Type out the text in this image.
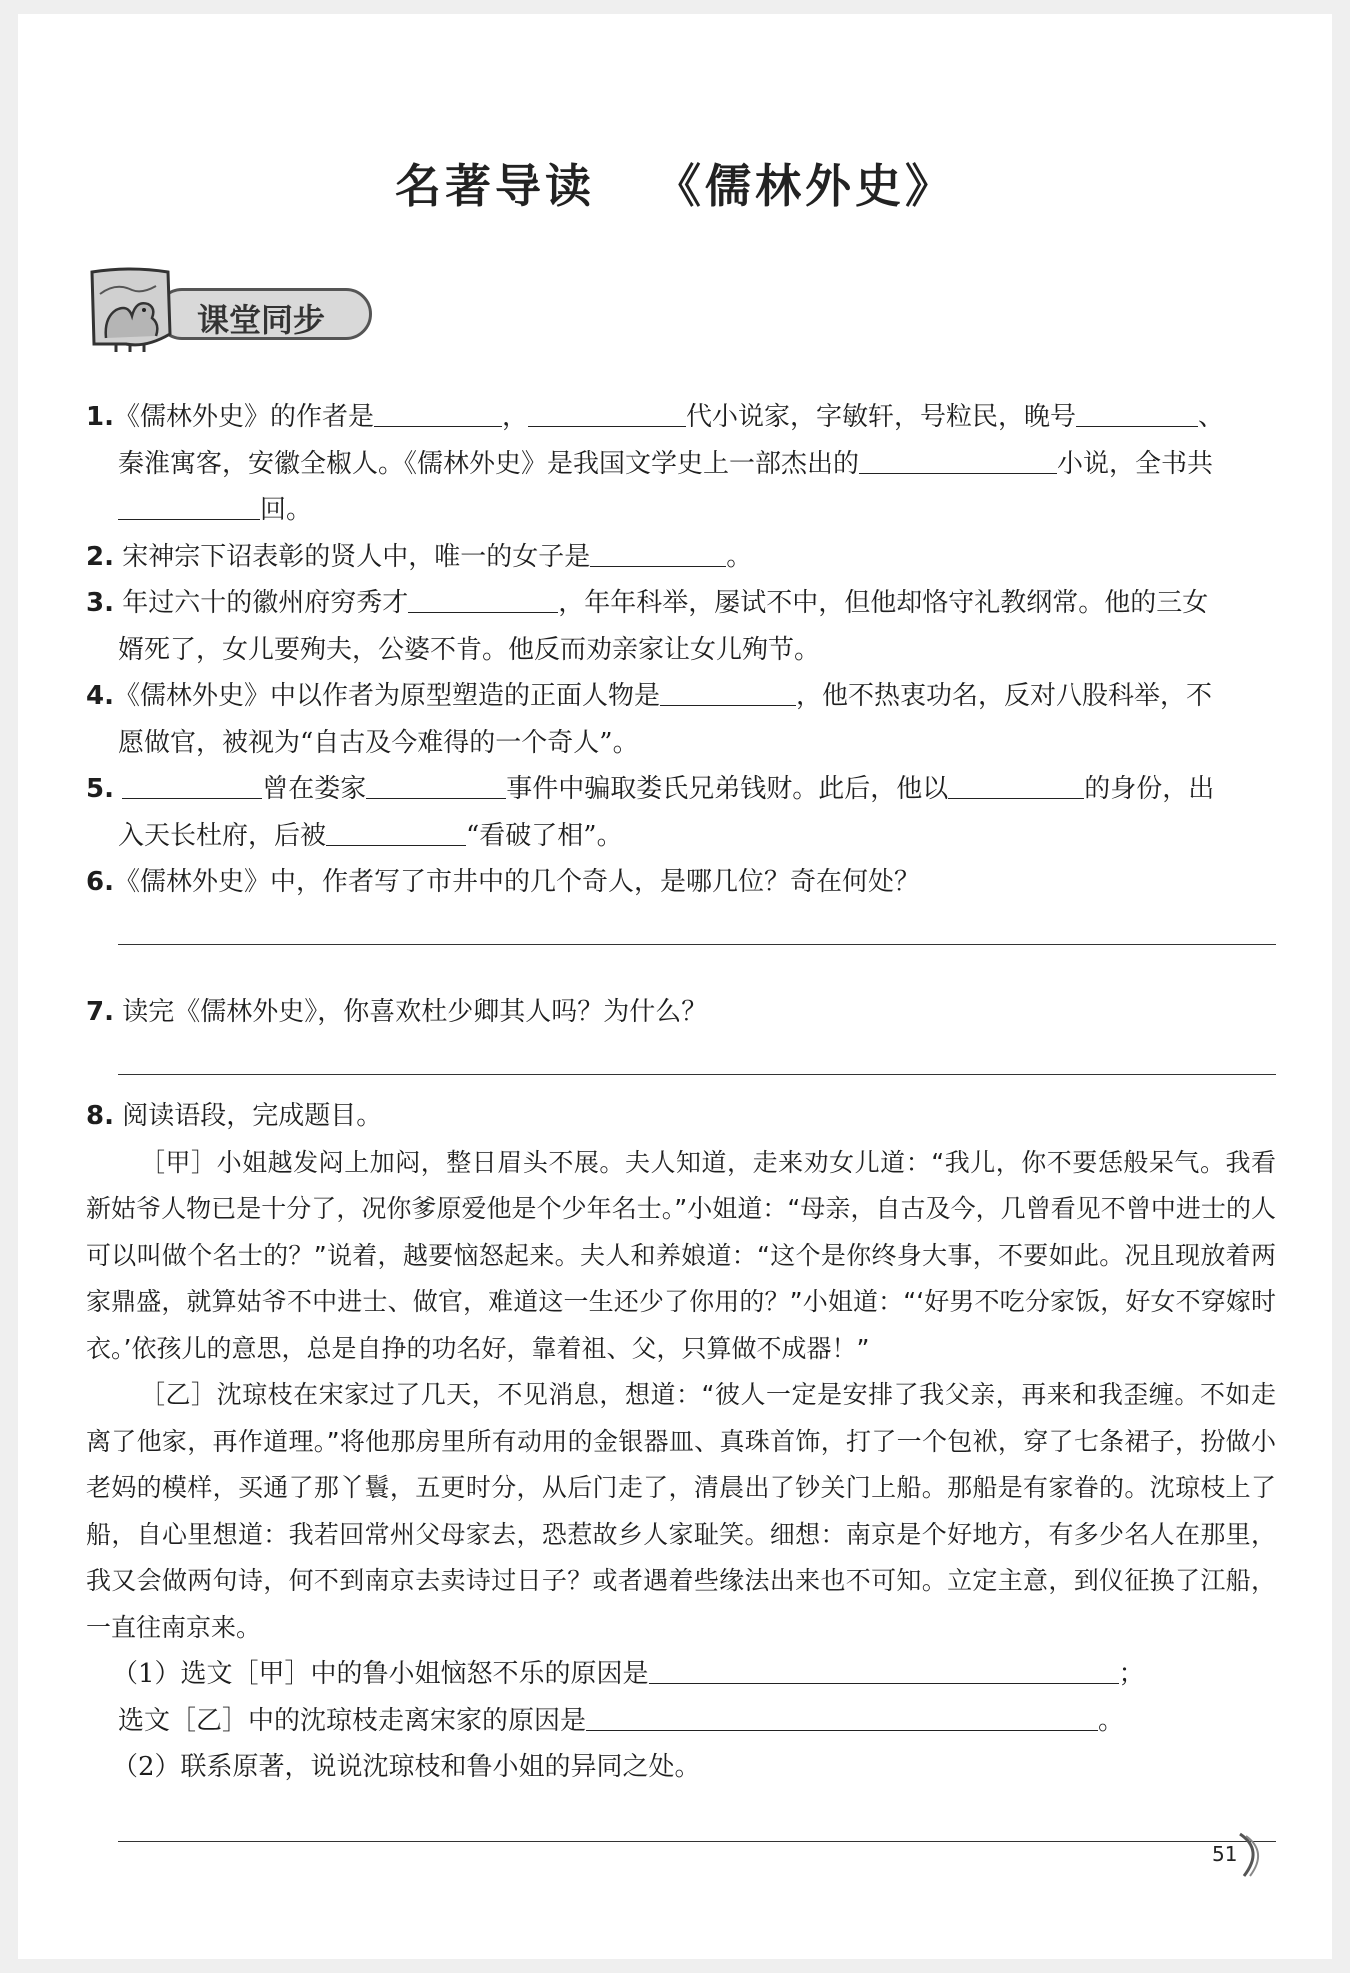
名著导读 《儒林外史》
课堂同步
1.《儒林外史》的作者是	，	代小说家，字敏轩，号粒民，晚号	、
秦淮寓客，安徽全椒人。《儒林外史》是我国文学史上一部杰出的	小说，全书共
回。
2. 宋神宗下诏表彰的贤人中，唯一的女子是	。
3. 年过六十的徽州府穷秀才	，年年科举，屡试不中，但他却恪守礼教纲常。他的三女
婿死了，女儿要殉夫，公婆不肯。他反而劝亲家让女儿殉节。
4.《儒林外史》中以作者为原型塑造的正面人物是	，他不热衷功名，反对八股科举，不
愿做官，被视为“自古及今难得的一个奇人”。
5.	曾在娄家	事件中骗取娄氏兄弟钱财。此后，他以	的身份，出
入天长杜府，后被	“看破了相”。
6.《儒林外史》中，作者写了市井中的几个奇人，是哪几位？奇在何处？
7. 读完《儒林外史》，你喜欢杜少卿其人吗？为什么？
8. 阅读语段，完成题目。

［甲］小姐越发闷上加闷，整日眉头不展。夫人知道，走来劝女儿道：“我儿，你不要恁般呆气。我看新姑爷人物已是十分了，况你爹原爱他是个少年名士。”小姐道：“母亲，自古及今，几曾看见不曾中进士的人可以叫做个名士的？”说着，越要恼怒起来。夫人和养娘道：“这个是你终身大事，不要如此。况且现放着两家鼎盛，就算姑爷不中进士、做官，难道这一生还少了你用的？”小姐道：“‘好男不吃分家饭，好女不穿嫁时衣。’依孩儿的意思，总是自挣的功名好，靠着祖、父，只算做不成器！”

［乙］沈琼枝在宋家过了几天，不见消息，想道：“彼人一定是安排了我父亲，再来和我歪缠。不如走离了他家，再作道理。”将他那房里所有动用的金银器皿、真珠首饰，打了一个包袱，穿了七条裙子，扮做小老妈的模样，买通了那丫鬟，五更时分，从后门走了，清晨出了钞关门上船。那船是有家眷的。沈琼枝上了船，自心里想道：我若回常州父母家去，恐惹故乡人家耻笑。细想：南京是个好地方，有多少名人在那里，我又会做两句诗，何不到南京去卖诗过日子？或者遇着些缘法出来也不可知。立定主意，到仪征换了江船，一直往南京来。

（1）选文［甲］中的鲁小姐恼怒不乐的原因是	；
选文［乙］中的沈琼枝走离宋家的原因是	。
（2）联系原著，说说沈琼枝和鲁小姐的异同之处。
51
